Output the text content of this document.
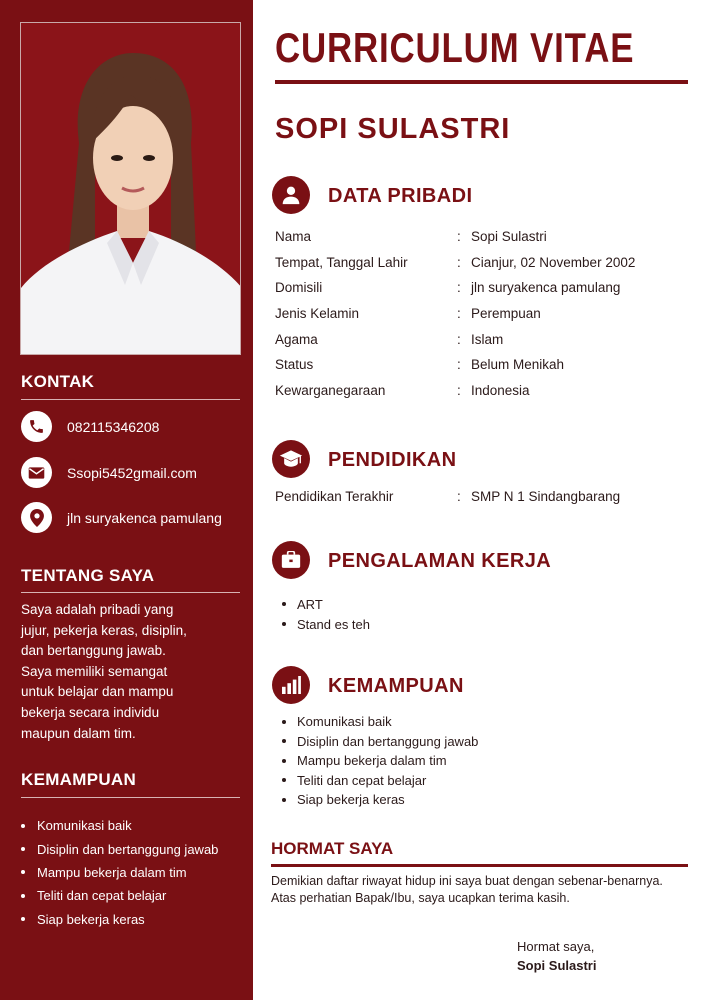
KONTAK
082115346208
Ssopi5452gmail.com
jln suryakenca pamulang
TENTANG SAYA
Saya adalah pribadi yang
jujur, pekerja keras, disiplin,
dan bertanggung jawab.
Saya memiliki semangat
untuk belajar dan mampu
bekerja secara individu
maupun dalam tim.
KEMAMPUAN
Komunikasi baik
Disiplin dan bertanggung jawab
Mampu bekerja dalam tim
Teliti dan cepat belajar
Siap bekerja keras
CURRICULUM VITAE
SOPI SULASTRI
DATA PRIBADI
Nama	: Sopi Sulastri
Tempat, Tanggal Lahir	: Cianjur, 02 November 2002
Domisili	: jln suryakenca pamulang
Jenis Kelamin	: Perempuan
Agama	: Islam
Status	: Belum Menikah
Kewarganegaraan	: Indonesia
PENDIDIKAN
Pendidikan Terakhir	: SMP N 1 Sindangbarang
PENGALAMAN KERJA
ART
Stand es teh
KEMAMPUAN
Komunikasi baik
Disiplin dan bertanggung jawab
Mampu bekerja dalam tim
Teliti dan cepat belajar
Siap bekerja keras
HORMAT SAYA
Demikian daftar riwayat hidup ini saya buat dengan sebenar-benarnya.
Atas perhatian Bapak/Ibu, saya ucapkan terima kasih.
Hormat saya,
Sopi Sulastri
